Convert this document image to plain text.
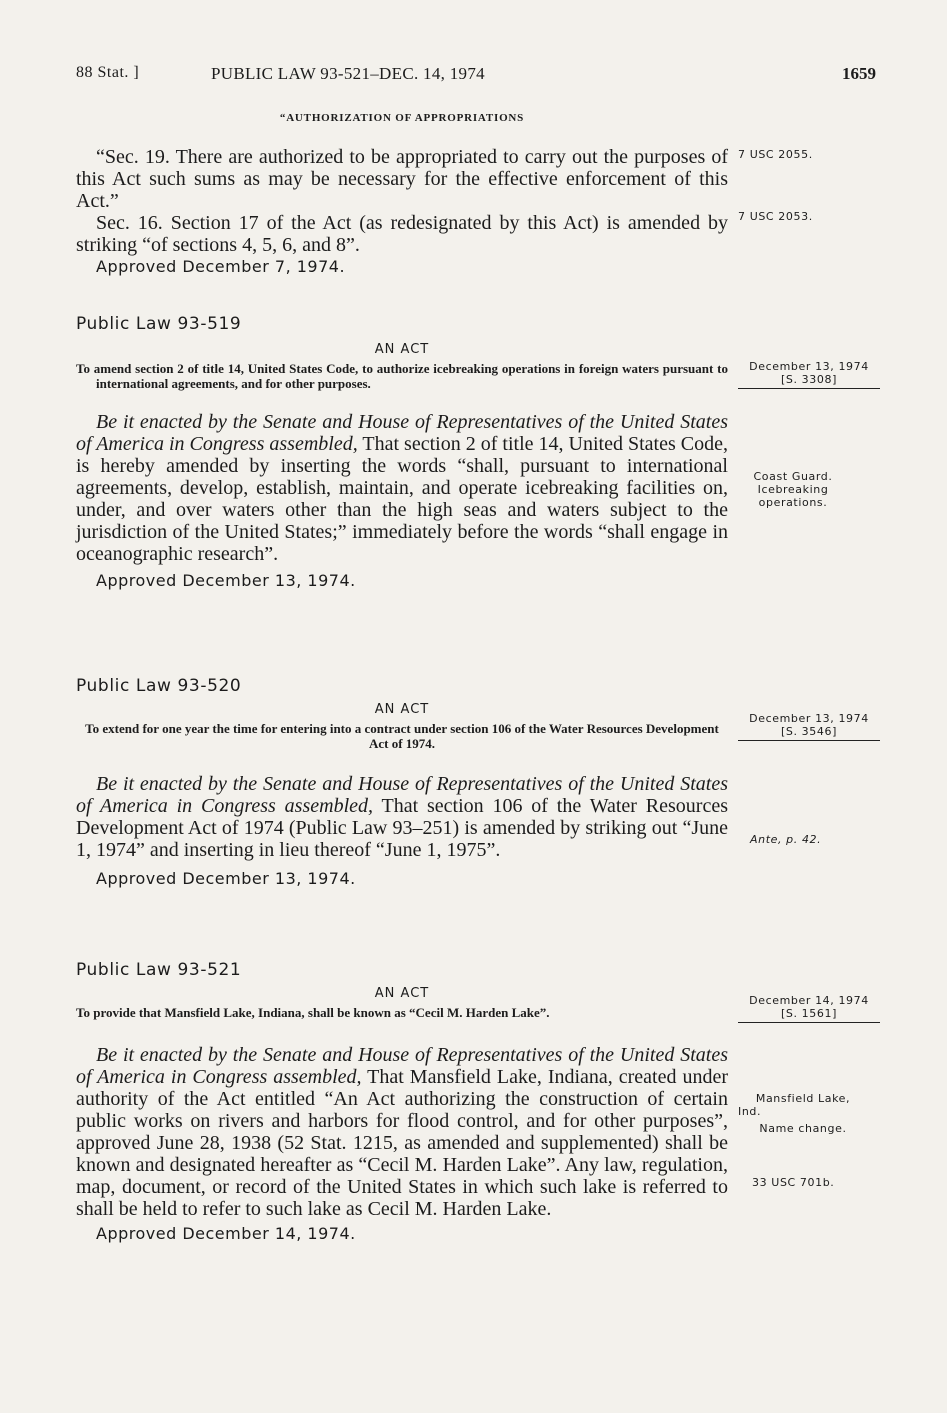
88 Stat. ]	PUBLIC LAW 93-521–DEC. 14, 1974	1659
“AUTHORIZATION OF APPROPRIATIONS
“Sec. 19. There are authorized to be appropriated to carry out the purposes of this Act such sums as may be necessary for the effective enforcement of this Act.”
Sec. 16. Section 17 of the Act (as redesignated by this Act) is amended by striking “of sections 4, 5, 6, and 8”.
Approved December 7, 1974.
7 USC 2055.
7 USC 2053.
Public Law 93-519
AN ACT
To amend section 2 of title 14, United States Code, to authorize icebreaking operations in foreign waters pursuant to international agreements, and for other purposes.
Be it enacted by the Senate and House of Representatives of the United States of America in Congress assembled, That section 2 of title 14, United States Code, is hereby amended by inserting the words “shall, pursuant to international agreements, develop, establish, maintain, and operate icebreaking facilities on, under, and over waters other than the high seas and waters subject to the jurisdiction of the United States;” immediately before the words “shall engage in oceanographic research”.
Approved December 13, 1974.
December 13, 1974
[S. 3308]
Coast Guard.
Icebreaking
operations.
Public Law 93-520
AN ACT
To extend for one year the time for entering into a contract under section 106 of the Water Resources Development Act of 1974.
Be it enacted by the Senate and House of Representatives of the United States of America in Congress assembled, That section 106 of the Water Resources Development Act of 1974 (Public Law 93–251) is amended by striking out “June 1, 1974” and inserting in lieu thereof “June 1, 1975”.
Approved December 13, 1974.
December 13, 1974
[S. 3546]
Ante, p. 42.
Public Law 93-521
AN ACT
To provide that Mansfield Lake, Indiana, shall be known as “Cecil M. Harden Lake”.
Be it enacted by the Senate and House of Representatives of the United States of America in Congress assembled, That Mansfield Lake, Indiana, created under authority of the Act entitled “An Act authorizing the construction of certain public works on rivers and harbors for flood control, and for other purposes”, approved June 28, 1938 (52 Stat. 1215, as amended and supplemented) shall be known and designated hereafter as “Cecil M. Harden Lake”. Any law, regulation, map, document, or record of the United States in which such lake is referred to shall be held to refer to such lake as Cecil M. Harden Lake.
Approved December 14, 1974.
December 14, 1974
[S. 1561]
Mansfield Lake,
Ind.
Name change.
33 USC 701b.
